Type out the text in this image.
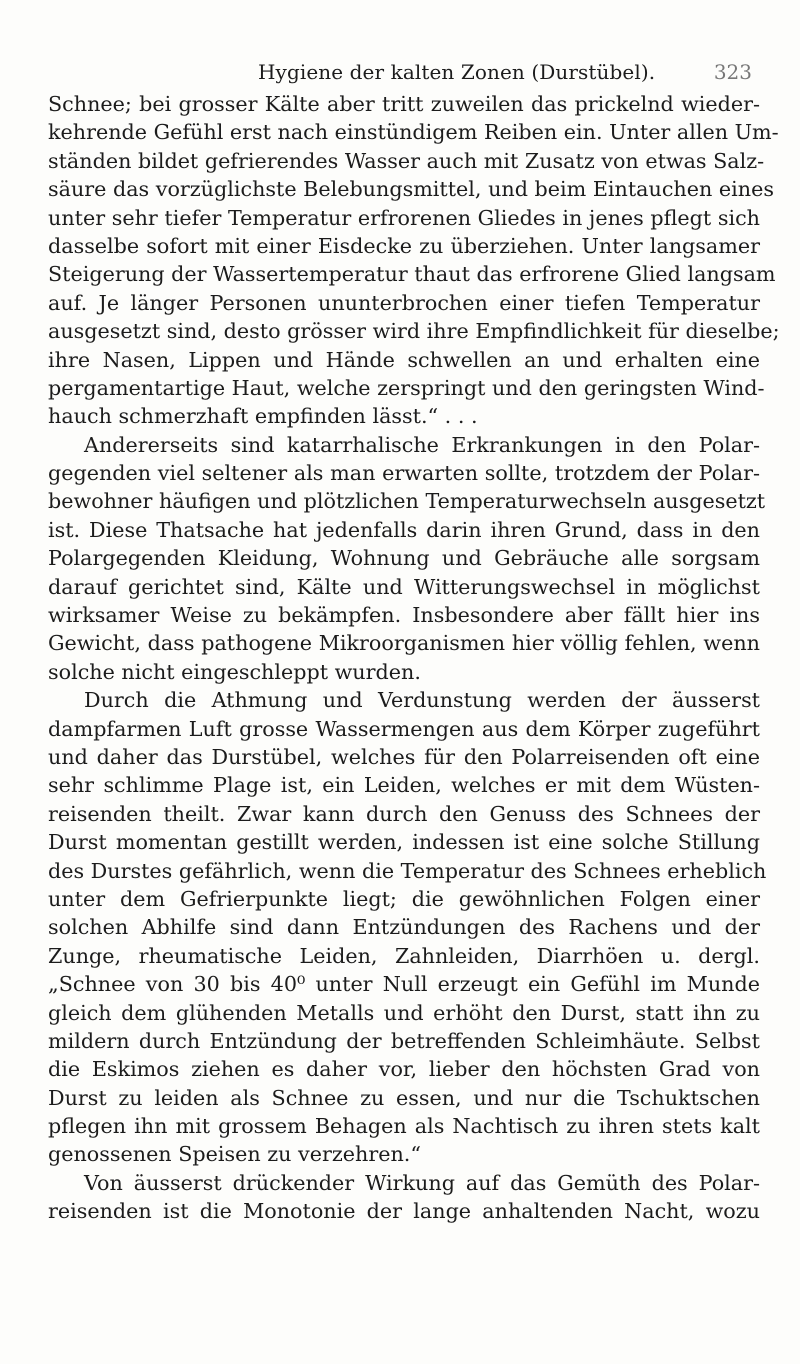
Hygiene der kalten Zonen (Durstübel).	323
Schnee; bei grosser Kälte aber tritt zuweilen das prickelnd wieder-
kehrende Gefühl erst nach einstündigem Reiben ein. Unter allen Um-
ständen bildet gefrierendes Wasser auch mit Zusatz von etwas Salz-
säure das vorzüglichste Belebungsmittel, und beim Eintauchen eines
unter sehr tiefer Temperatur erfrorenen Gliedes in jenes pflegt sich
dasselbe sofort mit einer Eisdecke zu überziehen. Unter langsamer
Steigerung der Wassertemperatur thaut das erfrorene Glied langsam
auf. Je länger Personen ununterbrochen einer tiefen Temperatur
ausgesetzt sind, desto grösser wird ihre Empfindlichkeit für dieselbe;
ihre Nasen, Lippen und Hände schwellen an und erhalten eine
pergamentartige Haut, welche zerspringt und den geringsten Wind-
hauch schmerzhaft empfinden lässt.“ . . .
Andererseits sind katarrhalische Erkrankungen in den Polar-
gegenden viel seltener als man erwarten sollte, trotzdem der Polar-
bewohner häufigen und plötzlichen Temperaturwechseln ausgesetzt
ist. Diese Thatsache hat jedenfalls darin ihren Grund, dass in den
Polargegenden Kleidung, Wohnung und Gebräuche alle sorgsam
darauf gerichtet sind, Kälte und Witterungswechsel in möglichst
wirksamer Weise zu bekämpfen. Insbesondere aber fällt hier ins
Gewicht, dass pathogene Mikroorganismen hier völlig fehlen, wenn
solche nicht eingeschleppt wurden.
Durch die Athmung und Verdunstung werden der äusserst
dampfarmen Luft grosse Wassermengen aus dem Körper zugeführt
und daher das Durstübel, welches für den Polarreisenden oft eine
sehr schlimme Plage ist, ein Leiden, welches er mit dem Wüsten-
reisenden theilt. Zwar kann durch den Genuss des Schnees der
Durst momentan gestillt werden, indessen ist eine solche Stillung
des Durstes gefährlich, wenn die Temperatur des Schnees erheblich
unter dem Gefrierpunkte liegt; die gewöhnlichen Folgen einer
solchen Abhilfe sind dann Entzündungen des Rachens und der
Zunge, rheumatische Leiden, Zahnleiden, Diarrhöen u. dergl.
„Schnee von 30 bis 40⁰ unter Null erzeugt ein Gefühl im Munde
gleich dem glühenden Metalls und erhöht den Durst, statt ihn zu
mildern durch Entzündung der betreffenden Schleimhäute. Selbst
die Eskimos ziehen es daher vor, lieber den höchsten Grad von
Durst zu leiden als Schnee zu essen, und nur die Tschuktschen
pflegen ihn mit grossem Behagen als Nachtisch zu ihren stets kalt
genossenen Speisen zu verzehren.“
Von äusserst drückender Wirkung auf das Gemüth des Polar-
reisenden ist die Monotonie der lange anhaltenden Nacht, wozu
